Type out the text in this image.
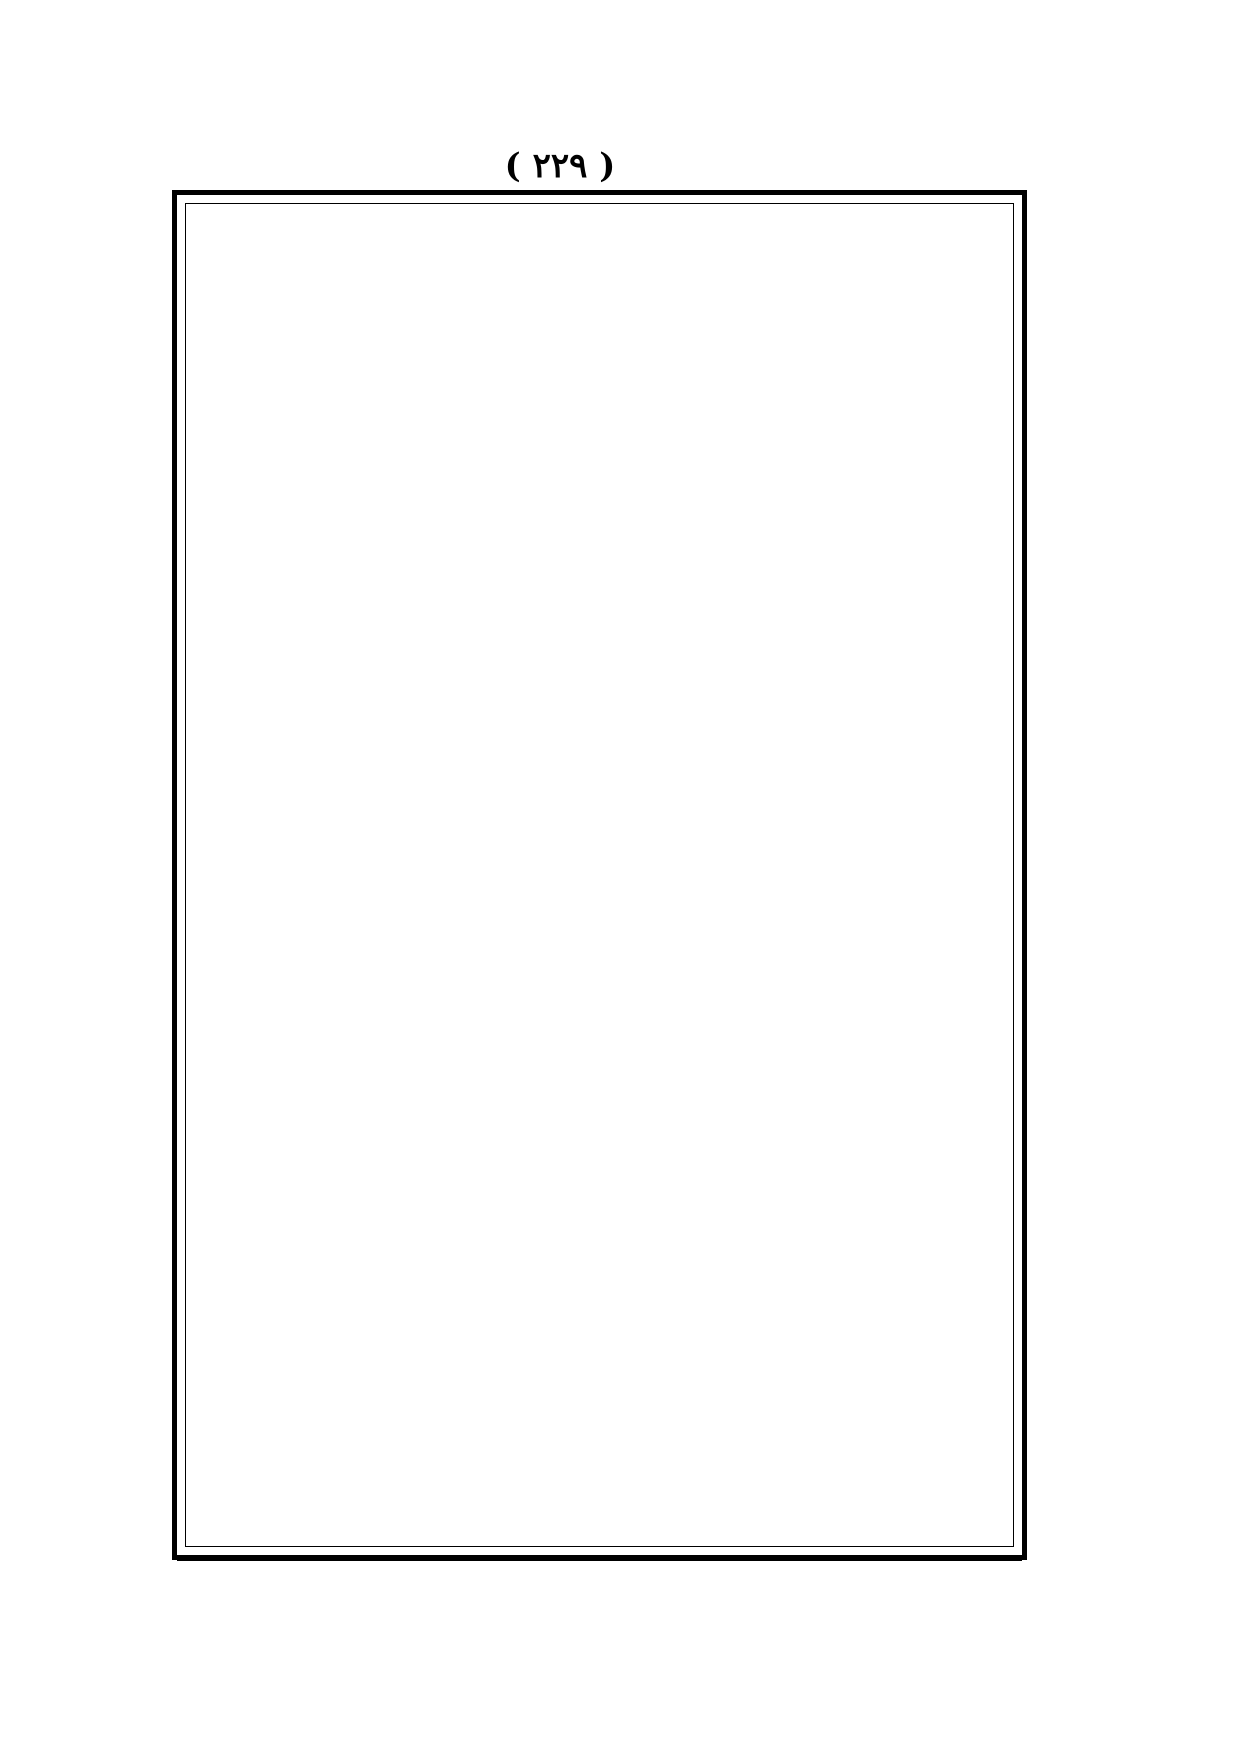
( ٢٢٩ )
